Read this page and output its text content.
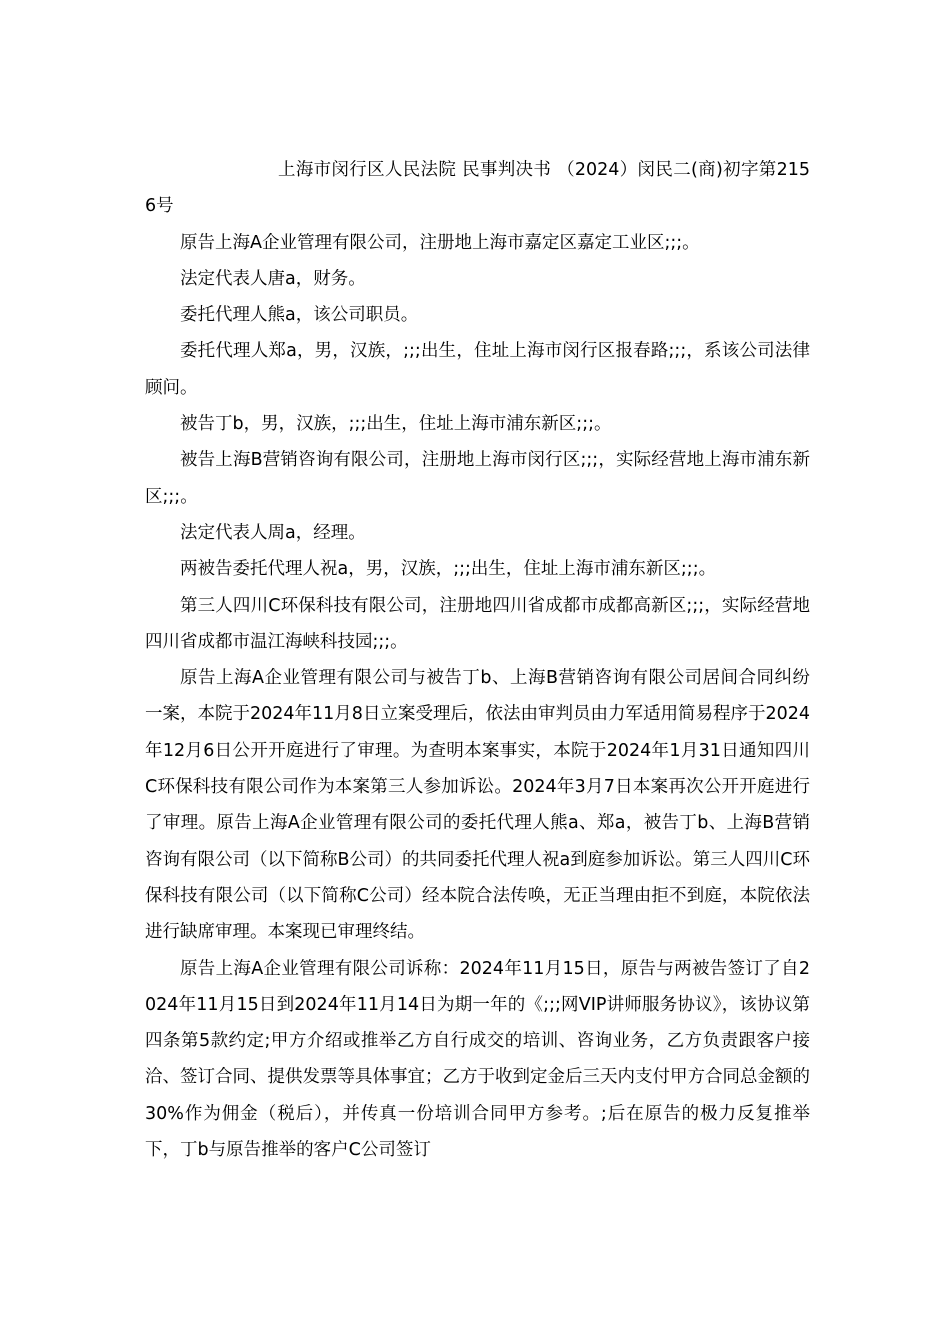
上海市闵行区人民法院 民事判决书 （2024）闵民二(商)初字第2156号

原告上海A企业管理有限公司，注册地上海市嘉定区嘉定工业区;;;。

法定代表人唐a，财务。

委托代理人熊a，该公司职员。

委托代理人郑a，男，汉族，;;;出生，住址上海市闵行区报春路;;;，系该公司法律顾问。

被告丁b，男，汉族，;;;出生，住址上海市浦东新区;;;。

被告上海B营销咨询有限公司，注册地上海市闵行区;;;，实际经营地上海市浦东新区;;;。

法定代表人周a，经理。

两被告委托代理人祝a，男，汉族，;;;出生，住址上海市浦东新区;;;。

第三人四川C环保科技有限公司，注册地四川省成都市成都高新区;;;，实际经营地四川省成都市温江海峡科技园;;;。

原告上海A企业管理有限公司与被告丁b、上海B营销咨询有限公司居间合同纠纷一案，本院于2024年11月8日立案受理后，依法由审判员由力军适用简易程序于2024年12月6日公开开庭进行了审理。为查明本案事实，本院于2024年1月31日通知四川C环保科技有限公司作为本案第三人参加诉讼。2024年3月7日本案再次公开开庭进行了审理。原告上海A企业管理有限公司的委托代理人熊a、郑a，被告丁b、上海B营销咨询有限公司（以下简称B公司）的共同委托代理人祝a到庭参加诉讼。第三人四川C环保科技有限公司（以下简称C公司）经本院合法传唤，无正当理由拒不到庭，本院依法进行缺席审理。本案现已审理终结。

原告上海A企业管理有限公司诉称：2024年11月15日，原告与两被告签订了自2024年11月15日到2024年11月14日为期一年的《;;;网VIP讲师服务协议》，该协议第四条第5款约定;甲方介绍或推举乙方自行成交的培训、咨询业务，乙方负责跟客户接洽、签订合同、提供发票等具体事宜；乙方于收到定金后三天内支付甲方合同总金额的30%作为佣金（税后），并传真一份培训合同甲方参考。;后在原告的极力反复推举下，丁b与原告推举的客户C公司签订
